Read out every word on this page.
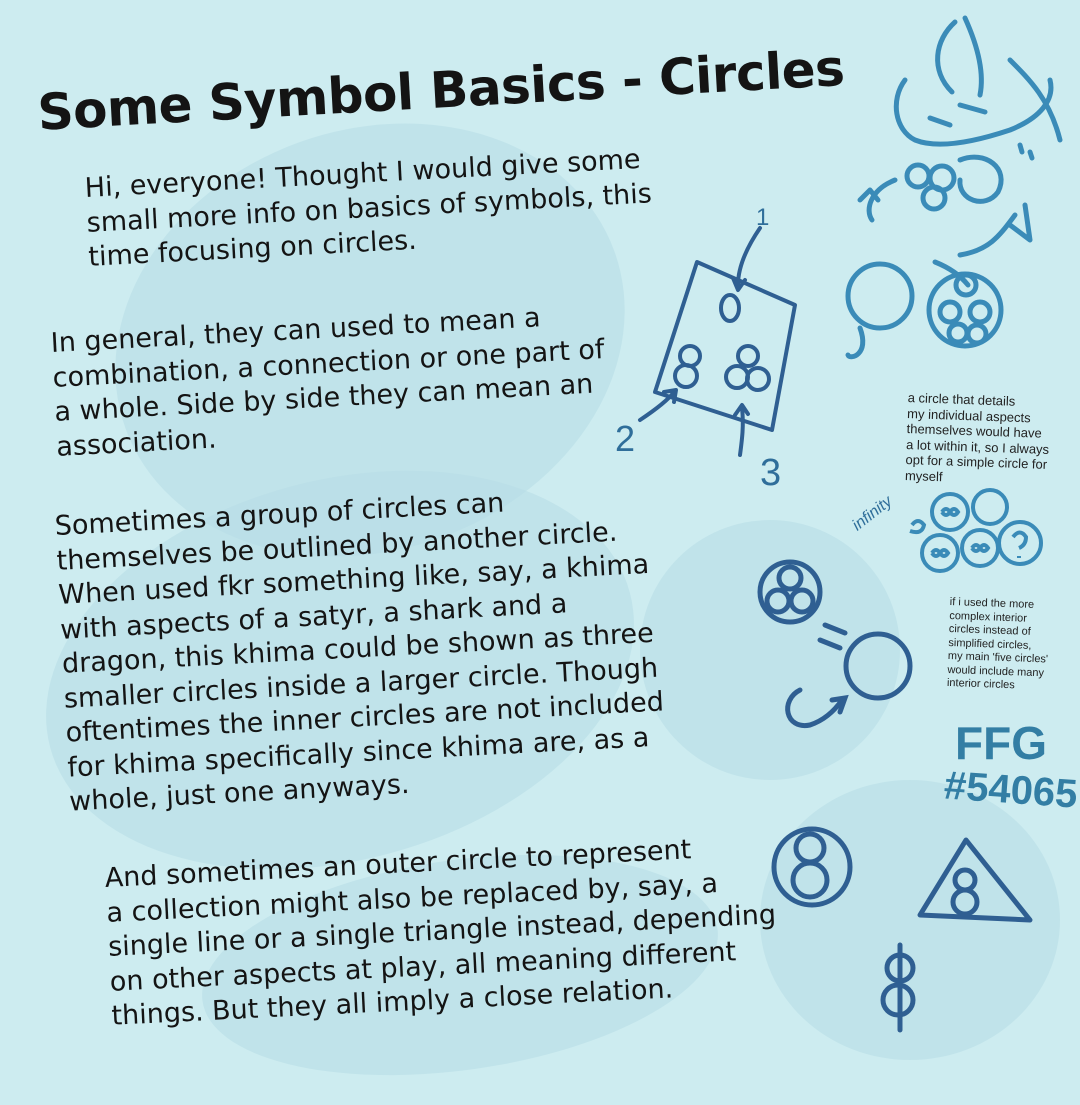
Some Symbol Basics - Circles

Hi, everyone! Thought I would give some
small more info on basics of symbols, this
time focusing on circles.

In general, they can used to mean a
combination, a connection or one part of
a whole. Side by side they can mean an
association.

Sometimes a group of circles can
themselves be outlined by another circle.
When used fkr something like, say, a khima
with aspects of a satyr, a shark and a
dragon, this khima could be shown as three
smaller circles inside a larger circle. Though
oftentimes the inner circles are not included
for khima specifically since khima are, as a
whole, just one anyways.

And sometimes an outer circle to represent
a collection might also be replaced by, say, a
single line or a single triangle instead, depending
on other aspects at play, all meaning different
things. But they all imply a close relation.

1
2
3
infinity
FFG
#54065

a circle that details
my individual aspects
themselves would have
a lot within it, so I always
opt for a simple circle for
myself

if i used the more
complex interior
circles instead of
simplified circles,
my main 'five circles'
would include many
interior circles
